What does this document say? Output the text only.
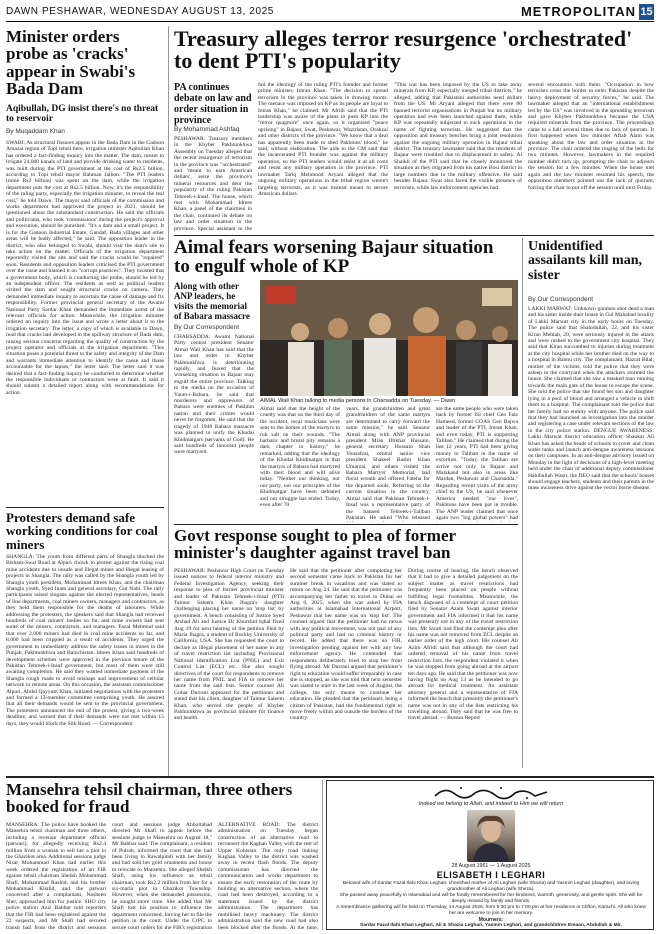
DAWN PESHAWAR, WEDNESDAY AUGUST 13, 2025	METROPOLITAN 15
Minister orders probe as 'cracks' appear in Swabi's Bada Dam
Aqibullah, DG insist there's no threat to reservoir
By Muqaddam Khan
SWABI: As structural fissures appear in the Bada Dam in the Gadoon Amazai region of Topi tehsil here, irrigation minister Aqibullah Khan has ordered a fact-finding inquiry into the matter. The dam, meant to irrigate 24,000 kanals of land and provide drinking water to residents, was built during the PTI government at the cost of Rs2.5 billion, according to Topi tehsil mayor Rahman Jalbon. "The PTI leaders (mine Rs2 billion) was spent on the dam, while the irrigation department puts the cost at Rs2.5 billion. Now, it's the responsibility of the ruling party, especially the irrigation minister, to reveal the real cost," he told Dawn. The mayor said officials of the commission and works department had approved the project in 2021, should be questioned about the substandard construction. He said the officials and politicians, who took 'commissions' during the project's approval and execution, should be punished. "It's a dam and a small project. It is for the Gadoon Industrial Estate, Gandaf, Bada villages and other areas will be badly affected," he said. The opposition leader in the district, who also belonged to Swabi, should visit the dam's site to take action on the matter. Officials of the irrigation department reportedly visited the site and said the cracks would be "repaired" soon. Residents and opposition leaders criticised the PTI government over the issue and blamed it on "corrupt practices". They insisted that a government body, which is conducting the probe, should be led by an independent officer. The residents as well as political leaders visited the dam and sought structural cracks on camera. They demanded immediate inquiry to ascertain the cause of damage and fix responsibility. Former provincial general secretary of the Awami National Party Sardar Khan demanded the immediate arrest of the relevant officials for action. Meanwhile, the irrigation minister ordered an inquiry into the issue and wrote a letter about it to the irrigation secretary. The letter, a copy of which is available to Dawn, read that cracks had developed in the spillway structure of Bada dam, raising serious concerns regarding the quality of construction by the project operator and officials at the irrigation department. "This situation poses a potential threat to the safety and integrity of the Dam and warrants immediate attention to identify the cause and those accountable for the lapses," the letter said. The letter said it was desired that a fact-finding inquiry be conducted to determine whether the responsible individuals or contractors were at fault. It said it should submit a detailed report along with recommendations for action.
Protesters demand safe working conditions for coal miners
SHANGLA: The youth from different parts of Shangla blocked the Bisham-Swat Road at Alpuri chowk to protest against the rising coal mine accidents due to unsafe and illegal mines and illegal leasing of projects in Shangla. The rally was called by the Shangla youth led by Shangla youth president, Mohammad Idrees Khan, and the chairman Shangla youth, Syed Inam and general secretary, Gul Nabi. The rally participants raised slogans against the elected representatives, heads of line departments, coal miners owners, managers and contractors, as they held them responsible for the deaths of labourers. While addressing the protesters, the speakers said that Shangla had received hundreds of coal miners' bodies so far, and mine owners had sent some of the miners, contractors, and managers. Fazal Mehmud said that over 2,000 miners had died in coal mine accidents so far, and 8,000 had been crippled as a result of accidents. They urged the government to immediately address the safety issues in mines in the Punjab, Pakhtunkhwa and Balochistan. Idrees Khan said hundreds of development schemes were approved in the previous tenure of the Pakistan Tehreek-i-Insaf government, but most of them were still awaiting completion. He said they wanted immediate payment of the Shangla rough roads to avoid mishaps and improvement of cellular network in remote areas. On this occasion, the assistant commissioner Alpuri, Abdul Qayyum Khan, initiated negotiations with the protesters and formed a 13-member committee comprising youth. He assured that all their demands would be sent to the provincial government. The protesters announced the end of the protest, giving a two-week deadline, and warned that if their demands were not met within 15 days, they would block the Silk Road. — Correspondent
Treasury alleges terror resurgence 'orchestrated' to dent PTI's popularity
PA continues debate on law and order situation in province
By Mohammad Ashfaq
PESHAWAR: Treasury members in the Khyber Pakhtunkhwa Assembly on Tuesday alleged that the recent resurgence of terrorism in the province was "orchestrated" and 'meant to earn American dollars', seize the province's mineral resources and dent the popularity of the ruling Pakistan Tehreek-i-Insaf. The house, which met with Mohammad Idrees Khan, a panel of the chairmen in the chair, continued its debate on law and order situation in the province. Special assistant to the
fail the ideology of the ruling PTI's founder and former prime minister, Imran Khan. "The decision to spread terrorism in the province was taken in drawing rooms. The menace was imposed on KP as its people are loyal to Imran Khan," he claimed. Mr Afridi said that the PTI leadership was aware of the plans to push KP into the "terror quagmire" once again, so it organised "peace uprising" in Bajaur, Swat, Peshawar, Waziristan, Orakzai and other districts of the province. "We know that a deal has apparently been made to shed Pakhtuns' blood," he said, without elaboration. The aide to the CM said that the incarcerated PTI founder was against the military operation, so the PTI leaders would resist it at all costs and resist any military operation in the province. PTI lawmaker Tariq Mehmood Aryani alleged that the ongoing military operations in the tribal region weren't targeting terrorists, as it was instead meant to secure American dollars.
"This war has been imposed by the US to take away minerals from KP, especially merged tribal districts," he alleged, adding that Pakistani authorities need dollars from the US. Mr Aryani alleged that there were 80 banned terrorist organisations in Punjab but no military operation had ever been launched against them, while KP was repeatedly subjected to such operations in the name of fighting terrorists. He suggested that the opposition and treasury benches bring a joint resolution against the ongoing military operation in Bajaur tribal district. The treasury lawmaker said that the residents of Bajaur were troubled due to displacement to safety. Al Shaikh of the PTI said that he closely monitored the situation as they migrated from his native Bosi district in large numbers due to the military offensive. He said besides Bajaur, Swat also faced the visible presence of terrorists, while law enforcement agencies had
several encounters with them. "Occupation in how terrorists cross the border to enter Pakistan despite the heavy deployment of security forces," he said. The lawmaker alleged that an "international establishment led by the US" was involved in the spreading terrorism and gave Khyber Pakhtunkhwa because the USA required minerals from the province. The proceedings came to a halt several times due to lack of quorum. It first happened when law minister Aftab Alam was speaking about the law and order situation in the province. The chair ordered the ringing of the bells for two minutes. However, lawmakers in the required number didn't turn up, prompting the chair to adjourn the session for a few minutes. When the house met again and the law minister resumed his speech, the opposition members pointed out the lack of quorum, forcing the chair to put off the session until next Friday.
Aimal fears worsening Bajaur situation to engulf whole of KP
Along with other ANP leaders, he visits the memorial of Babara massacre
By Our Correspondent
CHARSADDA: Awami National Party central president Senator Aimal Wali Khan has said that the law and order in Khyber Pakhtunkhwa is deteriorating rapidly, and feared that the worsening situation in Bajaur may engulf the entire province. Talking to the media on the occasion of Yaum-i-Babara, he said that murderers and oppressors of Babara were enemies of Pakhtun nation and their crimes would never be forgotten. He said that the tragedy of 1948 Babara massacre was planned to unify the Khudai Khidmatgars (servants of God). He said hundreds of innocent people were martyred.
AIMAL Wali Khan talking to media persons in Charsadda on Tuesday. — Dawn
Aimal said that the height of the cruelty was that on the third day of the incident, local musicians were sent to the homes of the martyrs to rub salt on their wounds. "The barbaric and brutal pity remains a dark chapter in history," he remarked, adding that the ideology of the Khudai Khidmatgar is that the martyrs of Babara had martyred with their blood and will alive today. "Neither our thinking, nor our party, nor our principles of the Khidmatgar have been defeated and our struggle has ended. Today, even after 70
years, the grandchildren and great grandchildren of the same martyrs are determined to carry forward the same mission," he said. Senator Aimal along with ANP provincial president Mian Iftikhar Hussain, general secretary Hussain Shah Yousafzai, central senior vice president Shakeel Bashir Khan Umarzai, and others visited the Babara Martyrs' Memorial, laid floral wreath and offered Fateha for the departed souls. Referring to the current situation in the country, Aimal said that Pakistan Tehreek-i-Insaf was a representative party of the banned Tehreek-i-Taliban Pakistan. He asked "Who released
are the same people who were taken back by former ISI chief Gen Faiz Hameed, former COAS Gen Bajwa and leader of the PTI, Imran Khan, and even today, PTI is supporting Taliban." He claimed that during the last 12 years, PTI had been giving money to Taliban in the name of extortion. "Today, the Taliban are active not only in Bajaur and Malakand but also in areas like Mardan, Peshawar and Charsadda." Regarding recent visits of the army chief to the US, he said whenever America needed "our lives", Pakhtuns have been put in trouble. The ANP leader claimed that once again two "big global powers" had
Unidentified assailants kill man, sister
By Our Correspondent
LAKKI MARWAT: Unknown gunmen shot dead a man and his sister inside their house in Gul Mahabad locality of Lakki Marwat city in the early hours on Tuesday. The police said that Shahidullah, 22, and his sister Kiran Mehtab, 20, were seriously injured in the attack and were rushed to the government city hospital. They said that Kiran succumbed to injuries during treatment at the city hospital while her brother died on the way to a hospital in Bannu city. The complainant, Hazrat Bilal, mother of the victims, told the police that they were asleep in the courtyard when the attackers stormed the house. She claimed that she saw a masked man running towards the main gate of the house to escape the scene. She told the police that she found her son and daughter lying in a pool of blood and arranged a vehicle to shift them to a hospital. The complainant told the police that her family had no enmity with anyone. The police said that they had launched an investigation into the murder and registering a case under relevant sections of the law in the city police station. DENGUE AWARENESS: Lakki Marwat district education officer Shaukat Ali Khan has asked the heads of schools to cover and clean water tanks and launch anti-dengue awareness sessions on their campuses. In an anti-dengue advisory issued on Monday in the light of decisions of a high-level meeting held under the chair of additional deputy commissioner Habibullah Wazir, the DEO said that the schools' bosses should engage teachers, students and their parents in the mass awareness drive against the vector borne disease.
Govt response sought to plea of former minister's daughter against travel ban
PESHAWAR: Peshawar High Court on Tuesday issued notices to federal interior ministry and Federal Investigation Agency, seeking their response to plea of former provincial minister and leader of Pakistan Tehreek-i-Insaf (PTI) Taimur Saleem Khan Jhagra's daughter challenging placing her name on 'stop list' by government. A bench consisting of Justice Syed Arshad Ali and Justice Dr Khurshid Iqbal fixed Aug 19 for next hearing of the petition filed by Maria Jhagra, a student of Rockby University of California, USA. She has requested the court to declare as illegal placement of her name in any of travel restriction list including Provisional National Identification List (PNIL) and Exit Control List (ECL) etc. She also sought directives of the court for respondents to remove her name from PNIL and FIA to remove her name from the said lists. Senior counsel Ali Gohar Durrani appeared for the petitioner and stated that his client, daughter of Taimur Saleem Khan, who served the people of Khyber Pakhtunkhwa as provincial minister for finance and health.
He said that the petitioner after completing her second semester came back to Pakistan for her summer break in vacations and was slated to return on Aug 24. He said that the petitioner was accompanying her father to travel to Dubai on Aug 6, 2025, when she was asked by FIA authorities at Islamabad International Airport, Peshawar that her name was on 'stop list'. The counsel argued that the petitioner had no nexus with any political movement, was not part of any political party and had no criminal history or record. He added that there was no FIR, investigation pending against her with any law enforcement agency. He contended that respondents deliberately tried to stop her from flying abroad. Mr Durrani argued that petitioner's right to education would suffer irreparably in case she is stopped, as she was told that next semester was slated to start in the last week of August, the college, the only means to continue her education. He pleaded that the petitioner, being a citizen of Pakistan, had the fundamental right to move freely within and outside the borders of the country.
During course of hearing, the bench observed that it had to give a detailed judgement on the subject matter as travel restrictions had frequently been placed on people without fulfilling legal formalities. Meanwhile, the bench disposed of a contempt of court petition filed by Senator Azam Swati against interior government and FIA informed it that his name was presently not in any of the travel restriction lists. Mr Swati had filed the contempt plea after his name was not removed from ECL despite an earlier order of the high court. His counsel Ali Azim Afridi said that although the court had ordered removal of his name from travel restriction lists, the respondent violated it when he was stopped from going abroad at the airport ten days ago. He said that the petitioner was now having flight on Aug 13 as he intended to go abroad for medical treatment. An assistant attorney general and a representative of FIA informed the bench that presently the petitioner's name was not in any of the lists restricting his travelling abroad. They said that he was free to travel abroad. — Bureau Report
Mansehra tehsil chairman, three others booked for fraud
MANSEHRA: The police have booked the Mansehra tehsil chairman and three others, including a revenue department official (patwari), for allegedly receiving Rs2.4 million from a woman to sell her a plot in the Ghazikot area. Additional sessions judge Nisar Mohammad Khan had earlier this week ordered the registration of an FIR against tehsil chairman Sheikh Mohammad Shafi, Mohammad Rashid, and his brother Mohammad Khalid, and the patwari concerned after a complainant, Nosheen Sher, approached him for justice. SHO city police station Aziz Babbar told reporters that the FIR had been registered against the 22 suspects, and Mr Shafi had secured transit bail from the district and sessions
court and sessions judge Abbottabad directed Mr Shafi to appear before the sessions judge in Mansehra on August 18," Mr Babbar said. The complainant, a resident of Pulrah, informed the court that she had been living in Rawalpindi with her family and had sold her gold ornaments and house to relocate to Mansehra. She alleged Sheikh Shafi, using his influence as tehsil chairman, took Rs2.2 million from her for a six-marla plot in Ghazikot Township. However, when she demanded possession, he sought more time. She added that Mr Shafi lost his position to influence the department concerned, forcing her to file the petition in the court. Under the CrPC to secure court orders for the FIR's registration
ALTERNATIVE ROAD: The district administration on Tuesday began construction of an alternative road to reconnect the Kaghan Valley with the rest of Upper Kohistan. The only road linking Kaghan Valley to the district was washed away in recent flash floods. The deputy commissioner has directed the communication and works department to ensure the early restoration of the route by building an alternative section, where the road had been destroyed, according to a statement issued by the district administration. The department has mobilised heavy machinery. The district administration said the new road had also been blocked after the floods. At the time,
Indeed we belong to Allah, and indeed to Him we will return
28 August 1961 — 1 August 2025
ELISABETH I LEGHARI
Beloved wife of Sardar Fazal Ilahi Khan Leghari, cherished mother of Ali Leghari (wife Shazia) and Yasmin Leghari (daughter), and loving grandmother of Ali Leghari (wife Sheza).
She passed away peacefully in Islamabad and will be fondly remembered for her kindness, warmth, generosity, and gentle spirit. She will be deeply missed by family and friends.
A remembrance gathering will be held on Thursday, 14 August 2025, from 5:30 pm to 7:00 pm at her residence in Clifton, Karachi. All who knew her are welcome to join in her memory.
Mourners:
Sardar Fazal Ilahi Khan Leghari, Ali & Shazia Leghari, Yasmin Leghari, and grandchildren Emaan, Abdullah & Mir.
